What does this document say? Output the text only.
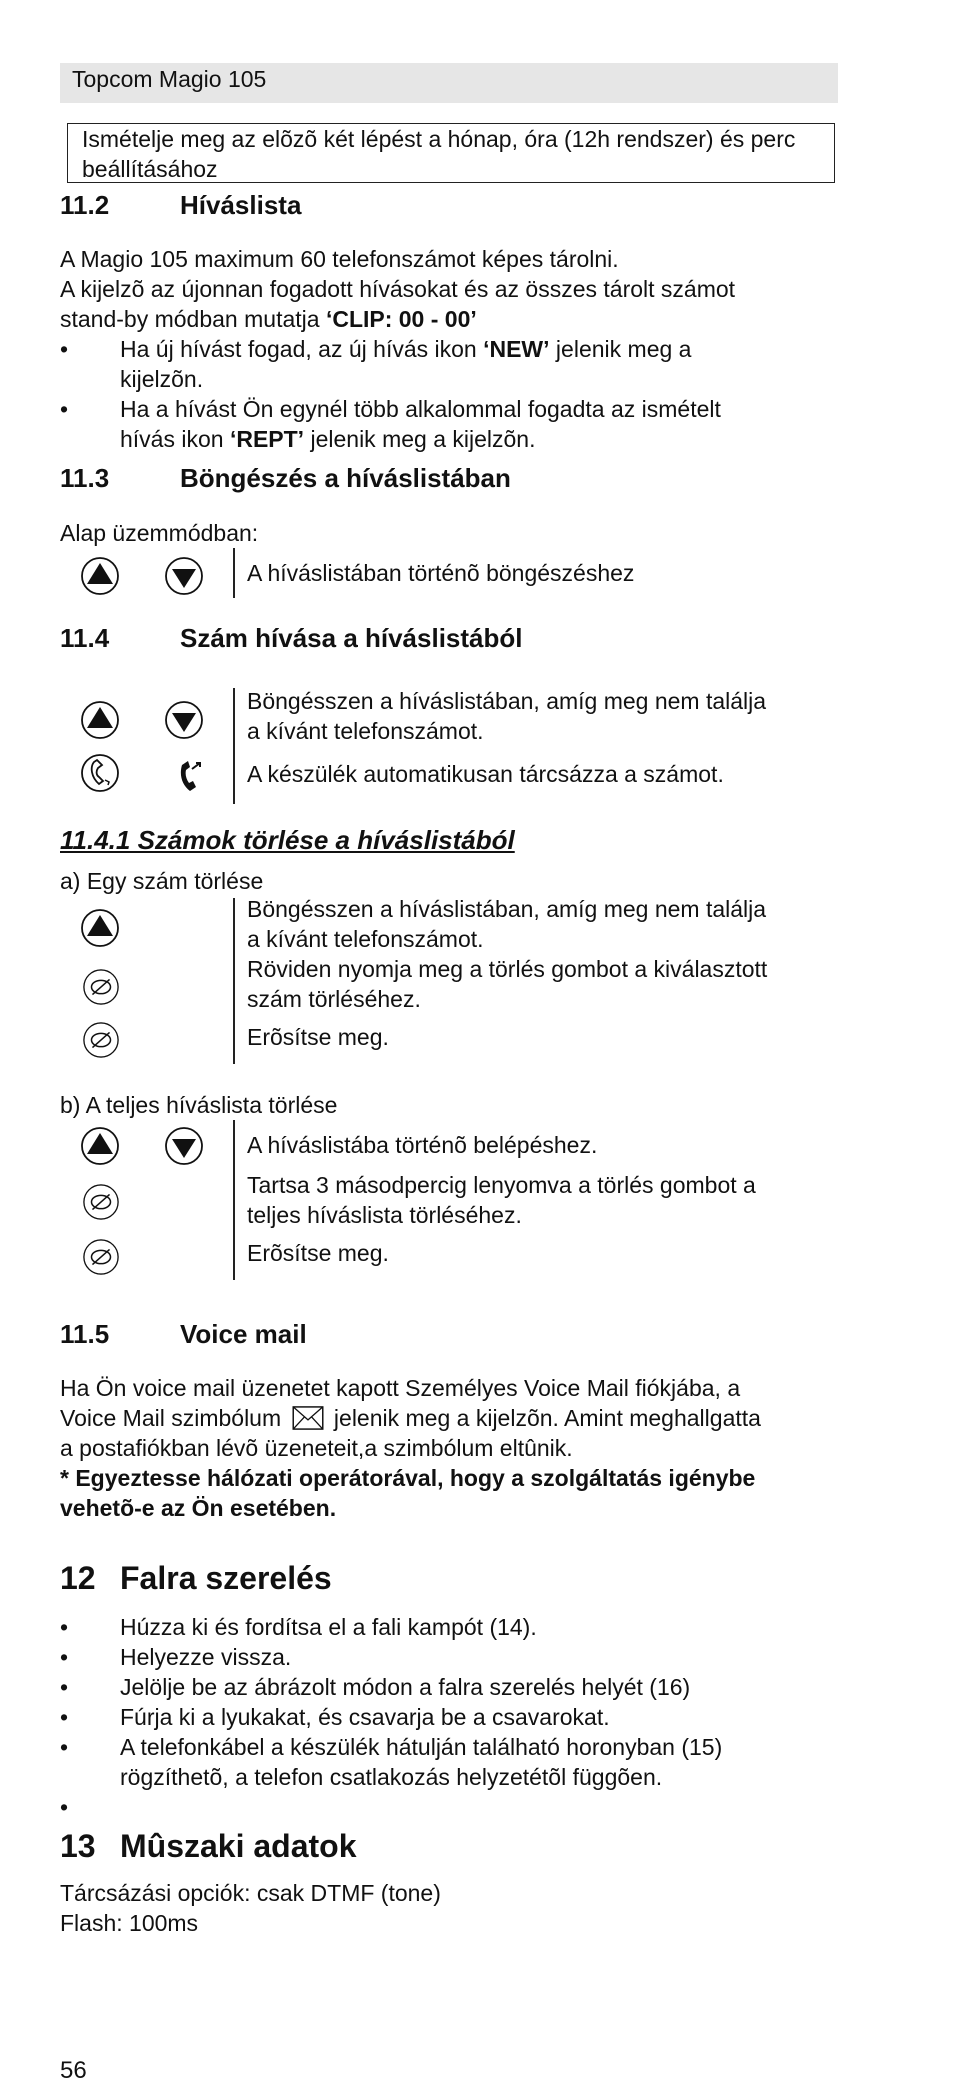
Topcom Magio 105
Ismételje meg az elõzõ két lépést a hónap, óra (12h rendszer) és perc beállításához
11.2	Híváslista
A Magio 105 maximum 60 telefonszámot képes tárolni.
A kijelzõ az újonnan fogadott hívásokat és az összes tárolt számot
stand-by módban mutatja ‘CLIP: 00 - 00’
• Ha új hívást fogad, az új hívás ikon ‘NEW’ jelenik meg a
kijelzõn.
• Ha a hívást Ön egynél több alkalommal fogadta az ismételt
hívás ikon ‘REPT’ jelenik meg a kijelzõn.
11.3	Böngészés a híváslistában
Alap üzemmódban:
A híváslistában történõ böngészéshez
11.4	Szám hívása a híváslistából
Böngésszen a híváslistában, amíg meg nem találja
a kívánt telefonszámot.
A készülék automatikusan tárcsázza a számot.
11.4.1 Számok törlése a híváslistából
a) Egy szám törlése
Böngésszen a híváslistában, amíg meg nem találja
a kívánt telefonszámot.
Röviden nyomja meg a törlés gombot a kiválasztott
szám törléséhez.
Erõsítse meg.
b) A teljes híváslista törlése
A híváslistába történõ belépéshez.
Tartsa 3 másodpercig lenyomva a törlés gombot a
teljes híváslista törléséhez.
Erõsítse meg.
11.5	Voice mail
Ha Ön voice mail üzenetet kapott Személyes Voice Mail fiókjába, a
Voice Mail szimbólum  jelenik meg a kijelzõn. Amint meghallgatta
a postafiókban lévõ üzeneteit,a szimbólum eltûnik.
* Egyeztesse hálózati operátorával, hogy a szolgáltatás igénybe
vehetõ-e az Ön esetében.
12 Falra szerelés
• Húzza ki és fordítsa el a fali kampót (14).
• Helyezze vissza.
• Jelölje be az ábrázolt módon a falra szerelés helyét (16)
• Fúrja ki a lyukakat, és csavarja be a csavarokat.
• A telefonkábel a készülék hátulján található horonyban (15)
rögzíthetõ, a telefon csatlakozás helyzetétõl függõen.
•
13 Mûszaki adatok
Tárcsázási opciók: csak DTMF (tone)
Flash: 100ms
56
